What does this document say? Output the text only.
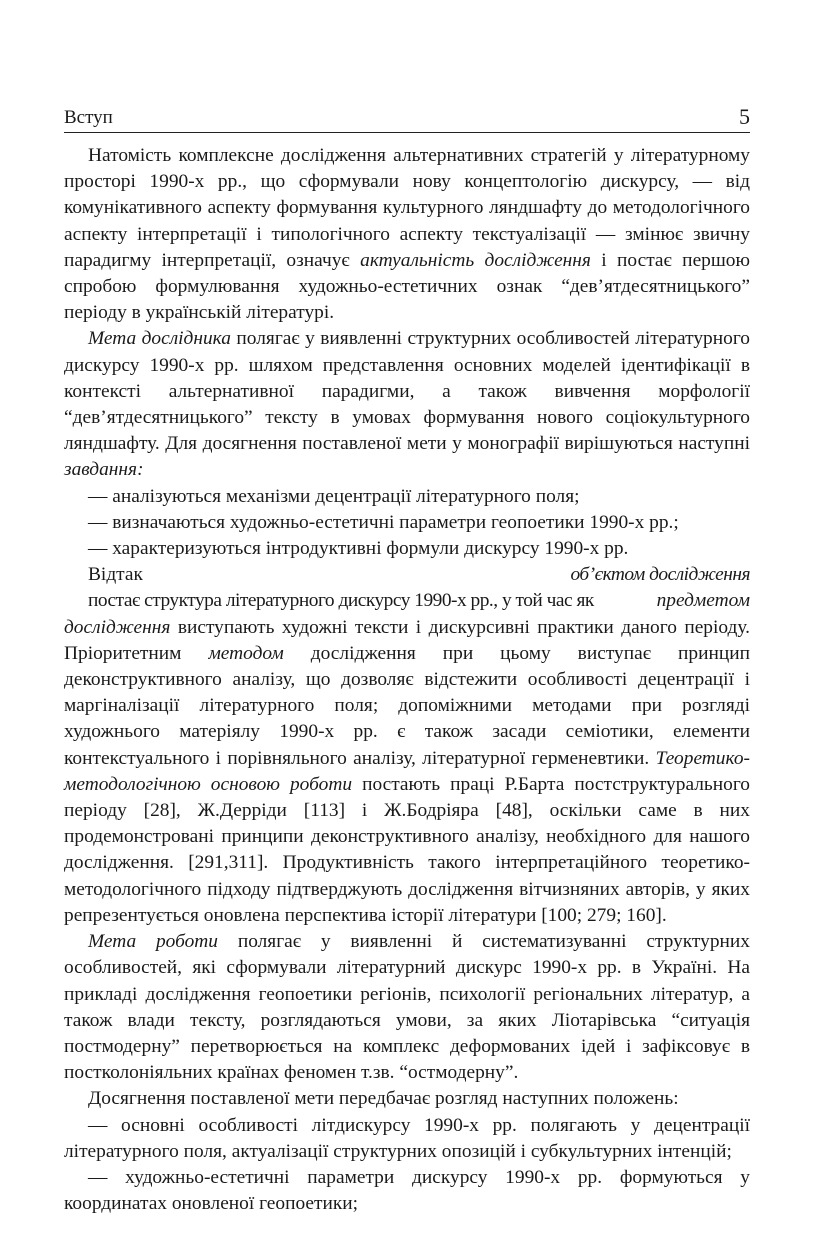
Вступ	5

Натомість комплексне дослідження альтернативних стратегій у літературному просторі 1990-х рр., що сформували нову концептологію дискурсу, — від комунікативного аспекту формування культурного ляндшафту до методологічного аспекту інтерпретації і типологічного аспекту текстуалізації — змінює звичну парадигму інтерпретації, означує актуальність дослідження і постає першою спробою формулювання художньо-естетичних ознак “дев’ятдесятницького” періоду в українській літературі.

Мета дослідника полягає у виявленні структурних особливостей літературного дискурсу 1990-х рр. шляхом представлення основних моделей ідентифікації в контексті альтернативної парадигми, а також вивчення морфології “дев’ятдесятницького” тексту в умовах формування нового соціокультурного ляндшафту. Для досягнення поставленої мети у монографії вирішуються наступні завдання:

— аналізуються механізми децентрації літературного поля;

— визначаються художньо-естетичні параметри геопоетики 1990-х рр.;

— характеризуються інтродуктивні формули дискурсу 1990-х рр.

Відтак	об’єктом дослідження постає структура літературного дискурсу 1990-х рр., у той час як	предметом дослідження виступають художні тексти і дискурсивні практики даного періоду. Пріоритетним методом дослідження при цьому виступає принцип деконструктивного аналізу, що дозволяє відстежити особливості децентрації і маргіналізації літературного поля; допоміжними методами при розгляді художнього матеріялу 1990-х рр. є також засади семіотики, елементи контекстуального і порівняльного аналізу, літературної герменевтики. Теоретико-методологічною основою роботи постають праці Р.Барта постструктурального періоду [28], Ж.Дерріди [113] і Ж.Бодріяра [48], оскільки саме в них продемонстровані принципи деконструктивного аналізу, необхідного для нашого дослідження. [291,311]. Продуктивність такого інтерпретаційного теоретико-методологічного підходу підтверджують дослідження вітчизняних авторів, у яких репрезентується оновлена перспектива історії літератури [100; 279; 160].

Мета роботи полягає у виявленні й систематизуванні структурних особливостей, які сформували літературний дискурс 1990-х рр. в Україні. На прикладі дослідження геопоетики регіонів, психології регіональних літератур, а також влади тексту, розглядаються умови, за яких Ліотарівська “ситуація постмодерну” перетворюється на комплекс деформованих ідей і зафіксовує в постколоніяльних країнах феномен т.зв. “остмодерну”.

Досягнення поставленої мети передбачає розгляд наступних положень:

— основні особливості літдискурсу 1990-х рр. полягають у децентрації літературного поля, актуалізації структурних опозицій і субкультурних інтенцій;

— художньо-естетичні параметри дискурсу 1990-х рр. формуються у координатах оновленої геопоетики;
